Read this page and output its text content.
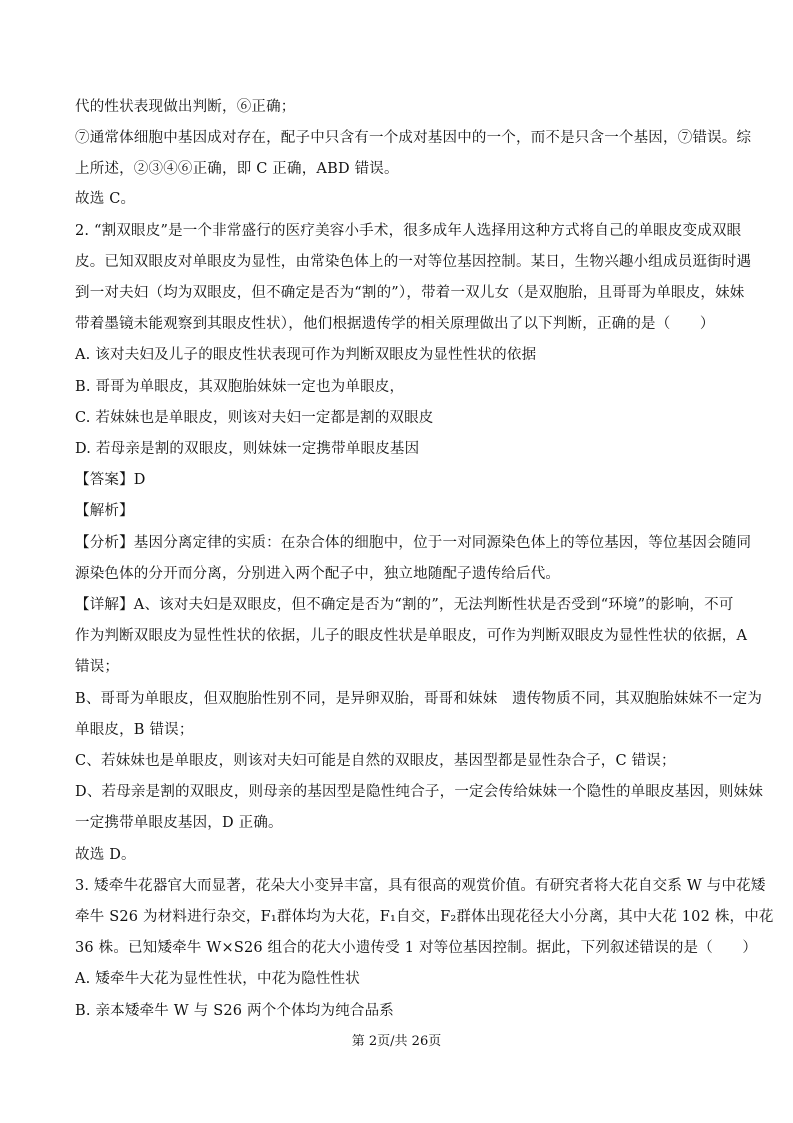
代的性状表现做出判断，⑥正确；
⑦通常体细胞中基因成对存在，配子中只含有一个成对基因中的一个，而不是只含一个基因，⑦错误。综
上所述，②③④⑥正确，即 C 正确，ABD 错误。
故选 C。
2. “割双眼皮”是一个非常盛行的医疗美容小手术，很多成年人选择用这种方式将自己的单眼皮变成双眼
皮。已知双眼皮对单眼皮为显性，由常染色体上的一对等位基因控制。某日，生物兴趣小组成员逛街时遇
到一对夫妇（均为双眼皮，但不确定是否为“割的”），带着一双儿女（是双胞胎，且哥哥为单眼皮，妹妹
带着墨镜未能观察到其眼皮性状），他们根据遗传学的相关原理做出了以下判断，正确的是（　　）
A. 该对夫妇及儿子的眼皮性状表现可作为判断双眼皮为显性性状的依据
B. 哥哥为单眼皮，其双胞胎妹妹一定也为单眼皮，
C. 若妹妹也是单眼皮，则该对夫妇一定都是割的双眼皮
D. 若母亲是割的双眼皮，则妹妹一定携带单眼皮基因
【答案】D
【解析】
【分析】基因分离定律的实质：在杂合体的细胞中，位于一对同源染色体上的等位基因，等位基因会随同
源染色体的分开而分离，分别进入两个配子中，独立地随配子遗传给后代。
【详解】A、该对夫妇是双眼皮，但不确定是否为“割的”，无法判断性状是否受到“环境”的影响，不可
作为判断双眼皮为显性性状的依据，儿子的眼皮性状是单眼皮，可作为判断双眼皮为显性性状的依据，A
错误；
B、哥哥为单眼皮，但双胞胎性别不同，是异卵双胎，哥哥和妹妹　遗传物质不同，其双胞胎妹妹不一定为
单眼皮，B 错误；
C、若妹妹也是单眼皮，则该对夫妇可能是自然的双眼皮，基因型都是显性杂合子，C 错误；
D、若母亲是割的双眼皮，则母亲的基因型是隐性纯合子，一定会传给妹妹一个隐性的单眼皮基因，则妹妹
一定携带单眼皮基因，D 正确。
故选 D。
3. 矮牵牛花器官大而显著，花朵大小变异丰富，具有很高的观赏价值。有研究者将大花自交系 W 与中花矮
牵牛 S26 为材料进行杂交，F₁群体均为大花，F₁自交，F₂群体出现花径大小分离，其中大花 102 株，中花
36 株。已知矮牵牛 W×S26 组合的花大小遗传受 1 对等位基因控制。据此，下列叙述错误的是（　　）
A. 矮牵牛大花为显性性状，中花为隐性性状
B. 亲本矮牵牛 W 与 S26 两个个体均为纯合品系
第 2页/共 26页
